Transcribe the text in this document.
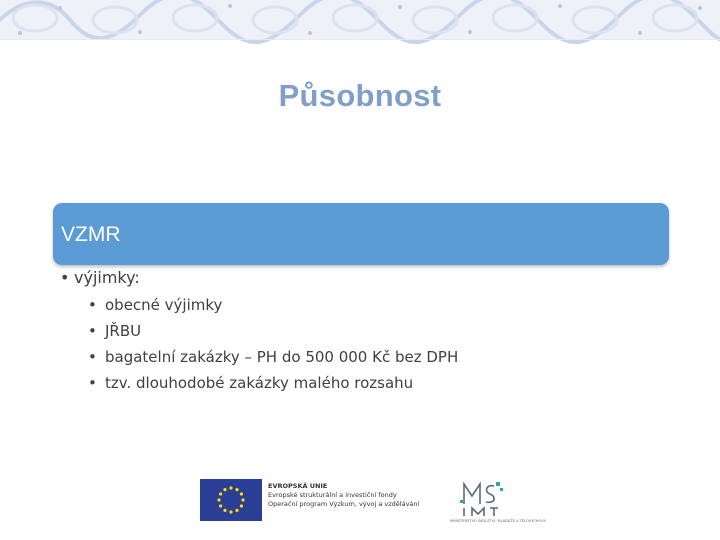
Působnost
VZMR
• výjimky:
• obecné výjimky
• JŘBU
• bagatelní zakázky – PH do 500 000 Kč bez DPH
• tzv. dlouhodobé zakázky malého rozsahu
EVROPSKÁ UNIE
Evropské strukturální a investiční fondy
Operační program Výzkum, vývoj a vzdělávání
MINISTERSTVO ŠKOLSTVÍ, MLÁDEŽE A TĚLOVÝCHOVY
